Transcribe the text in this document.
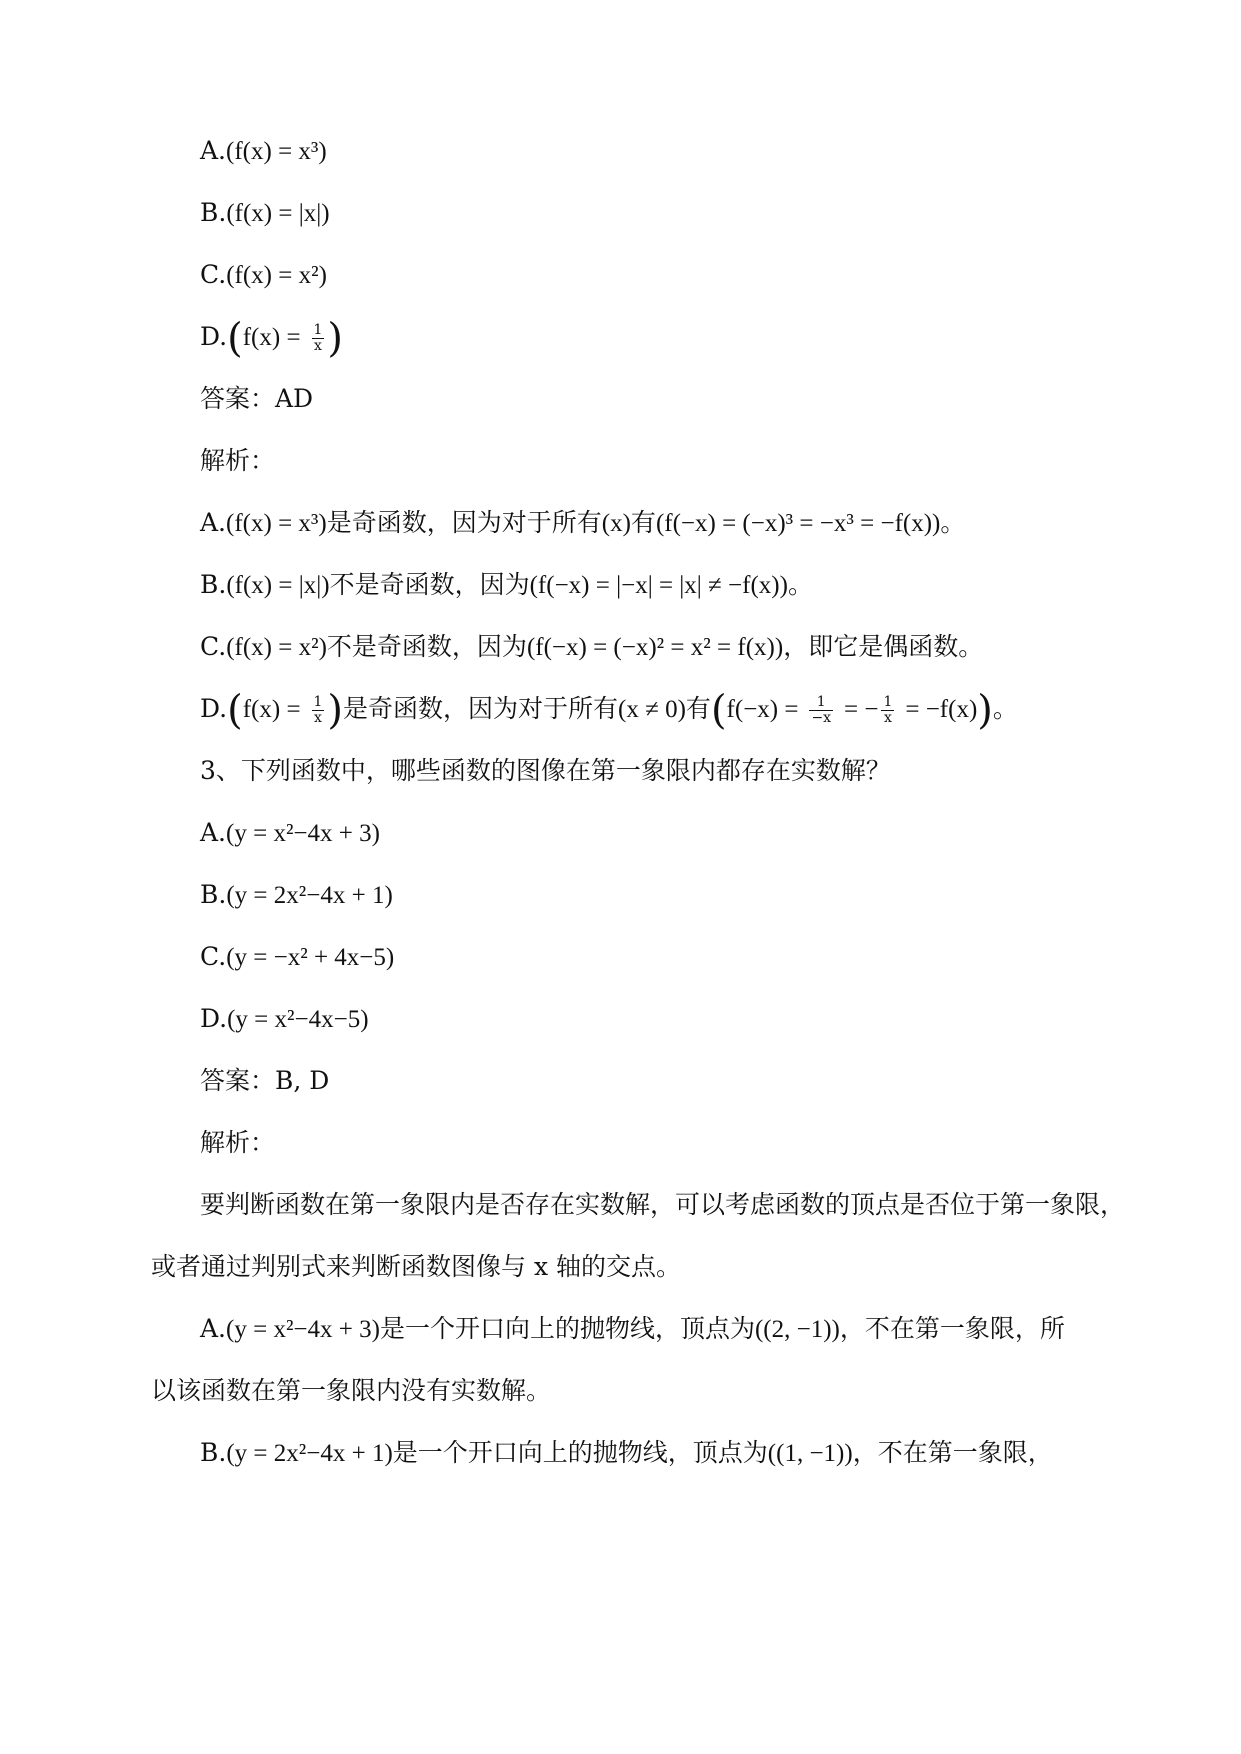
A.(f(x) = x³)
B.(f(x) = |x|)
C.(f(x) = x²)
$D.(f(x) = \frac{1}{x}$ )
答案：AD
解析：
A.(f(x) = x³)是奇函数，因为对于所有(x)有(f(−x) = (−x)³ = −x³ = −f(x))。
B.(f(x) = |x|)不是奇函数，因为(f(−x) = |−x| = |x| ≠ −f(x))。
C.(f(x) = x²)不是奇函数，因为(f(−x) = (−x)² = x² = f(x))，即它是偶函数。
$D.(f(x) = \frac{1}{x}$ )是奇函数，因为对于所有(x ≠ 0)有($f(-x) = \frac{1}{-x}$ = − $\frac{1}{x} = -f(x)$)。
3、下列函数中，哪些函数的图像在第一象限内都存在实数解？
A.(y = x²−4x + 3)
B.(y = 2x²−4x + 1)
C.(y = −x² + 4x−5)
D.(y = x²−4x−5)
答案：B, D
解析：
要判断函数在第一象限内是否存在实数解，可以考虑函数的顶点是否位于第一象限，
或者通过判别式来判断函数图像与 x 轴的交点。
A.(y = x²−4x + 3)是一个开口向上的抛物线，顶点为((2, −1))，不在第一象限，所
以该函数在第一象限内没有实数解。
B.(y = 2x²−4x + 1)是一个开口向上的抛物线，顶点为((1, −1))，不在第一象限，
